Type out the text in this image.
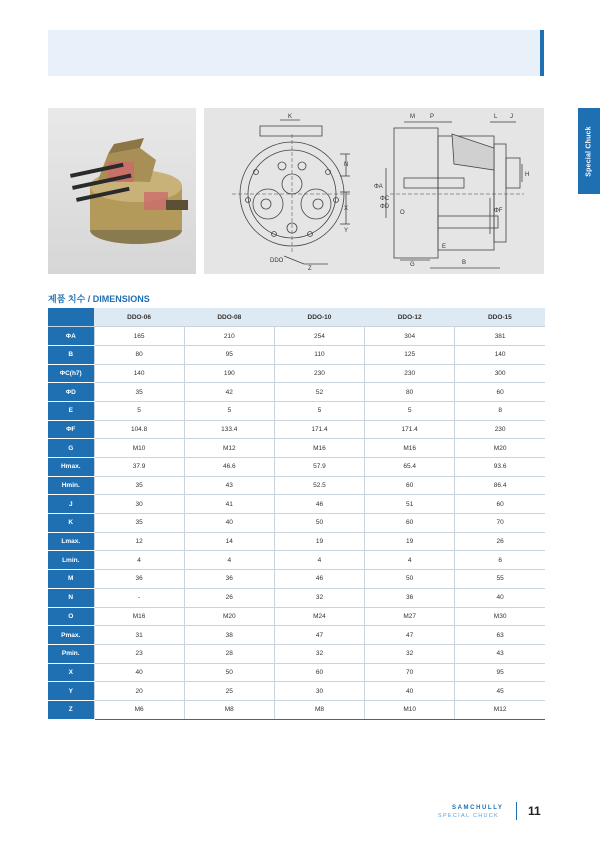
Special Chuck
K
N
X
Y
DDO
Z
M	P	L J
ΦA
ΦC
ΦD
H
O	ΦF
E
G	B
제품 치수 / DIMENSIONS
	DDO-06	DDO-08	DDO-10	DDO-12	DDO-15
ΦA	165	210	254	304	381
B	80	95	110	125	140
ΦC(h7)	140	190	230	230	300
ΦD	35	42	52	80	60
E	5	5	5	5	8
ΦF	104.8	133.4	171.4	171.4	230
G	M10	M12	M16	M16	M20
Hmax.	37.9	46.6	57.9	65.4	93.6
Hmin.	35	43	52.5	60	86.4
J	30	41	46	51	60
K	35	40	50	60	70
Lmax.	12	14	19	19	26
Lmin.	4	4	4	4	6
M	36	36	46	50	55
N	-	26	32	36	40
O	M16	M20	M24	M27	M30
Pmax.	31	38	47	47	63
Pmin.	23	28	32	32	43
X	40	50	60	70	95
Y	20	25	30	40	45
Z	M6	M8	M8	M10	M12
SAMCHULLY
SPECIAL CHUCK 11
